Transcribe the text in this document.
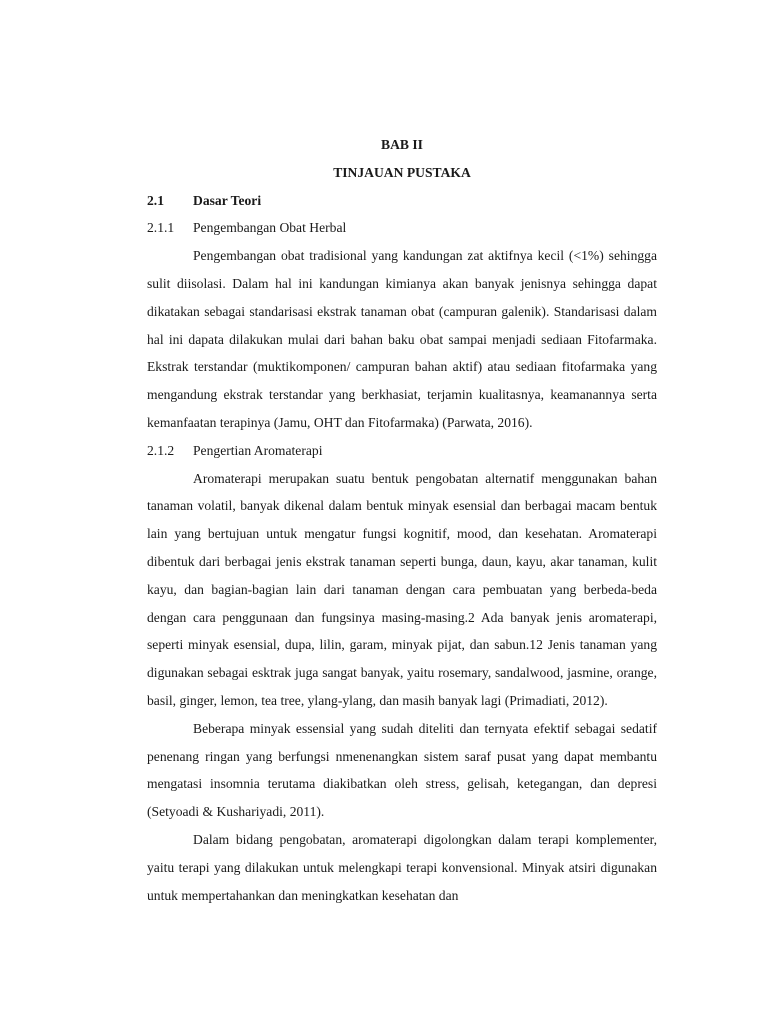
BAB II

TINJAUAN PUSTAKA

2.1	Dasar Teori
2.1.1	Pengembangan Obat Herbal

Pengembangan obat tradisional yang kandungan zat aktifnya kecil (<1%) sehingga sulit diisolasi. Dalam hal ini kandungan kimianya akan banyak jenisnya sehingga dapat dikatakan sebagai standarisasi ekstrak tanaman obat (campuran galenik). Standarisasi dalam hal ini dapata dilakukan mulai dari bahan baku obat sampai menjadi sediaan Fitofarmaka. Ekstrak terstandar (muktikomponen/ campuran bahan aktif) atau sediaan fitofarmaka yang mengandung ekstrak terstandar yang berkhasiat, terjamin kualitasnya, keamanannya serta kemanfaatan terapinya (Jamu, OHT dan Fitofarmaka) (Parwata, 2016).

2.1.2	Pengertian Aromaterapi

Aromaterapi merupakan suatu bentuk pengobatan alternatif menggunakan bahan tanaman volatil, banyak dikenal dalam bentuk minyak esensial dan berbagai macam bentuk lain yang bertujuan untuk mengatur fungsi kognitif, mood, dan kesehatan. Aromaterapi dibentuk dari berbagai jenis ekstrak tanaman seperti bunga, daun, kayu, akar tanaman, kulit kayu, dan bagian-bagian lain dari tanaman dengan cara pembuatan yang berbeda-beda dengan cara penggunaan dan fungsinya masing-masing.2 Ada banyak jenis aromaterapi, seperti minyak esensial, dupa, lilin, garam, minyak pijat, dan sabun.12 Jenis tanaman yang digunakan sebagai esktrak juga sangat banyak, yaitu rosemary, sandalwood, jasmine, orange, basil, ginger, lemon, tea tree, ylang-ylang, dan masih banyak lagi (Primadiati, 2012).

Beberapa minyak essensial yang sudah diteliti dan ternyata efektif sebagai sedatif penenang ringan yang berfungsi nmenenangkan sistem saraf pusat yang dapat membantu mengatasi insomnia terutama diakibatkan oleh stress, gelisah, ketegangan, dan depresi (Setyoadi & Kushariyadi, 2011).

Dalam bidang pengobatan, aromaterapi digolongkan dalam terapi komplementer, yaitu terapi yang dilakukan untuk melengkapi terapi konvensional. Minyak atsiri digunakan untuk mempertahankan dan meningkatkan kesehatan dan
